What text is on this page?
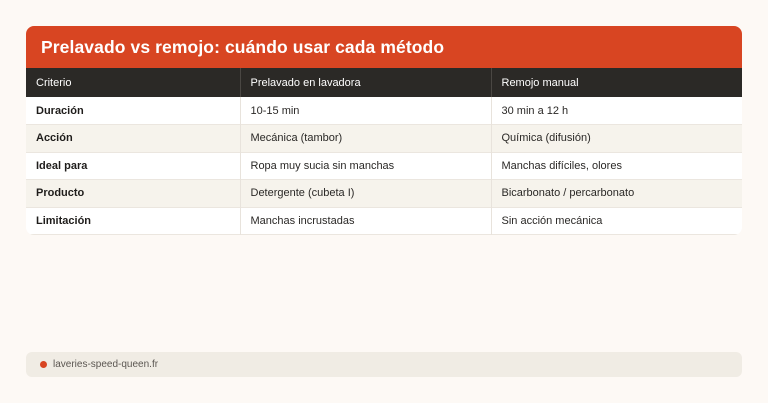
Prelavado vs remojo: cuándo usar cada método
Criterio	Prelavado en lavadora	Remojo manual
Duración	10-15 min	30 min a 12 h
Acción	Mecánica (tambor)	Química (difusión)
Ideal para	Ropa muy sucia sin manchas	Manchas difíciles, olores
Producto	Detergente (cubeta I)	Bicarbonato / percarbonato
Limitación	Manchas incrustadas	Sin acción mecánica
laveries-speed-queen.fr
